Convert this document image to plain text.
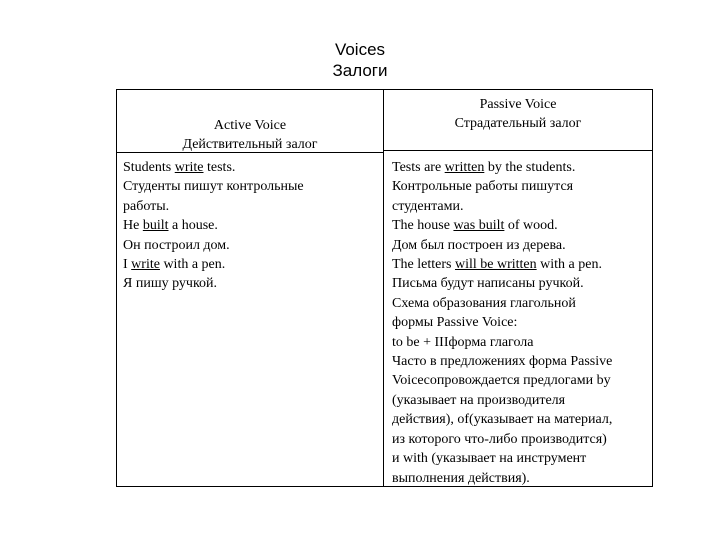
Voices
Залоги
Active Voice
Действительный залог
Passive Voice
Страдательный залог
Students write tests.
Студенты пишут контрольные
работы.
He built a house.
Он построил дом.
I write with a pen.
Я пишу ручкой.
Tests are written by the students.
Контрольные работы пишутся
студентами.
The house was built of wood.
Дом был построен из дерева.
The letters will be written with a pen.
Письма будут написаны ручкой.
Схема образования глагольной
формы Passive Voice:
to be + IIIформа глагола
Часто в предложениях форма Passive
Voiceсопровождается предлогами by
(указывает на производителя
действия), of(указывает на материал,
из которого что-либо производится)
и with (указывает на инструмент
выполнения действия).
